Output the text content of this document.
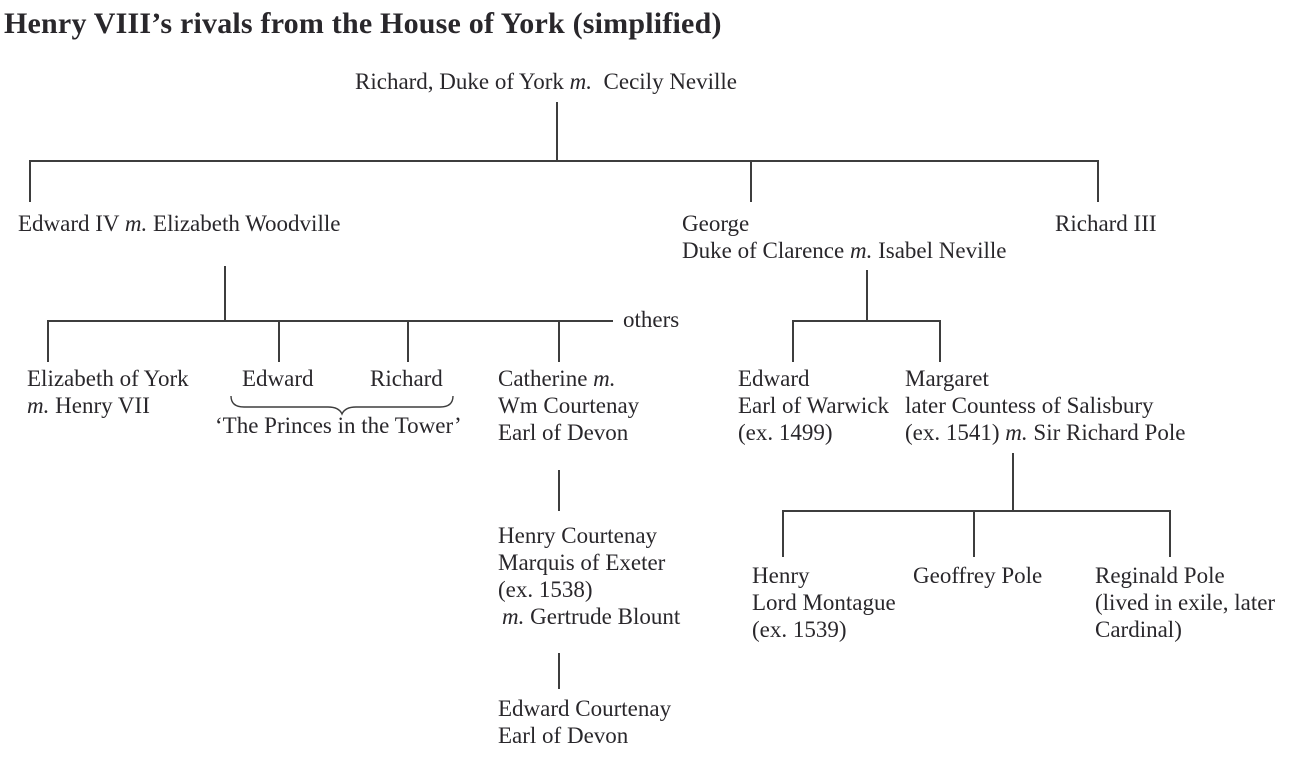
Henry VIII’s rivals from the House of York (simplified)
Richard, Duke of York m.  Cecily Neville
Edward IV m. Elizabeth Woodville	George
Duke of Clarence m. Isabel Neville
Richard III
others
Elizabeth of York
m. Henry VII
Edward Richard
‘The Princes in the Tower’
Catherine m.
Wm Courtenay
Earl of Devon
Edward
Earl of Warwick
(ex. 1499)
Margaret
later Countess of Salisbury
(ex. 1541) m. Sir Richard Pole
Henry Courtenay
Marquis of Exeter
(ex. 1538)
m. Gertrude Blount
Edward Courtenay
Earl of Devon
Henry
Lord Montague
(ex. 1539)
Geoffrey Pole Reginald Pole
(lived in exile, later
Cardinal)
